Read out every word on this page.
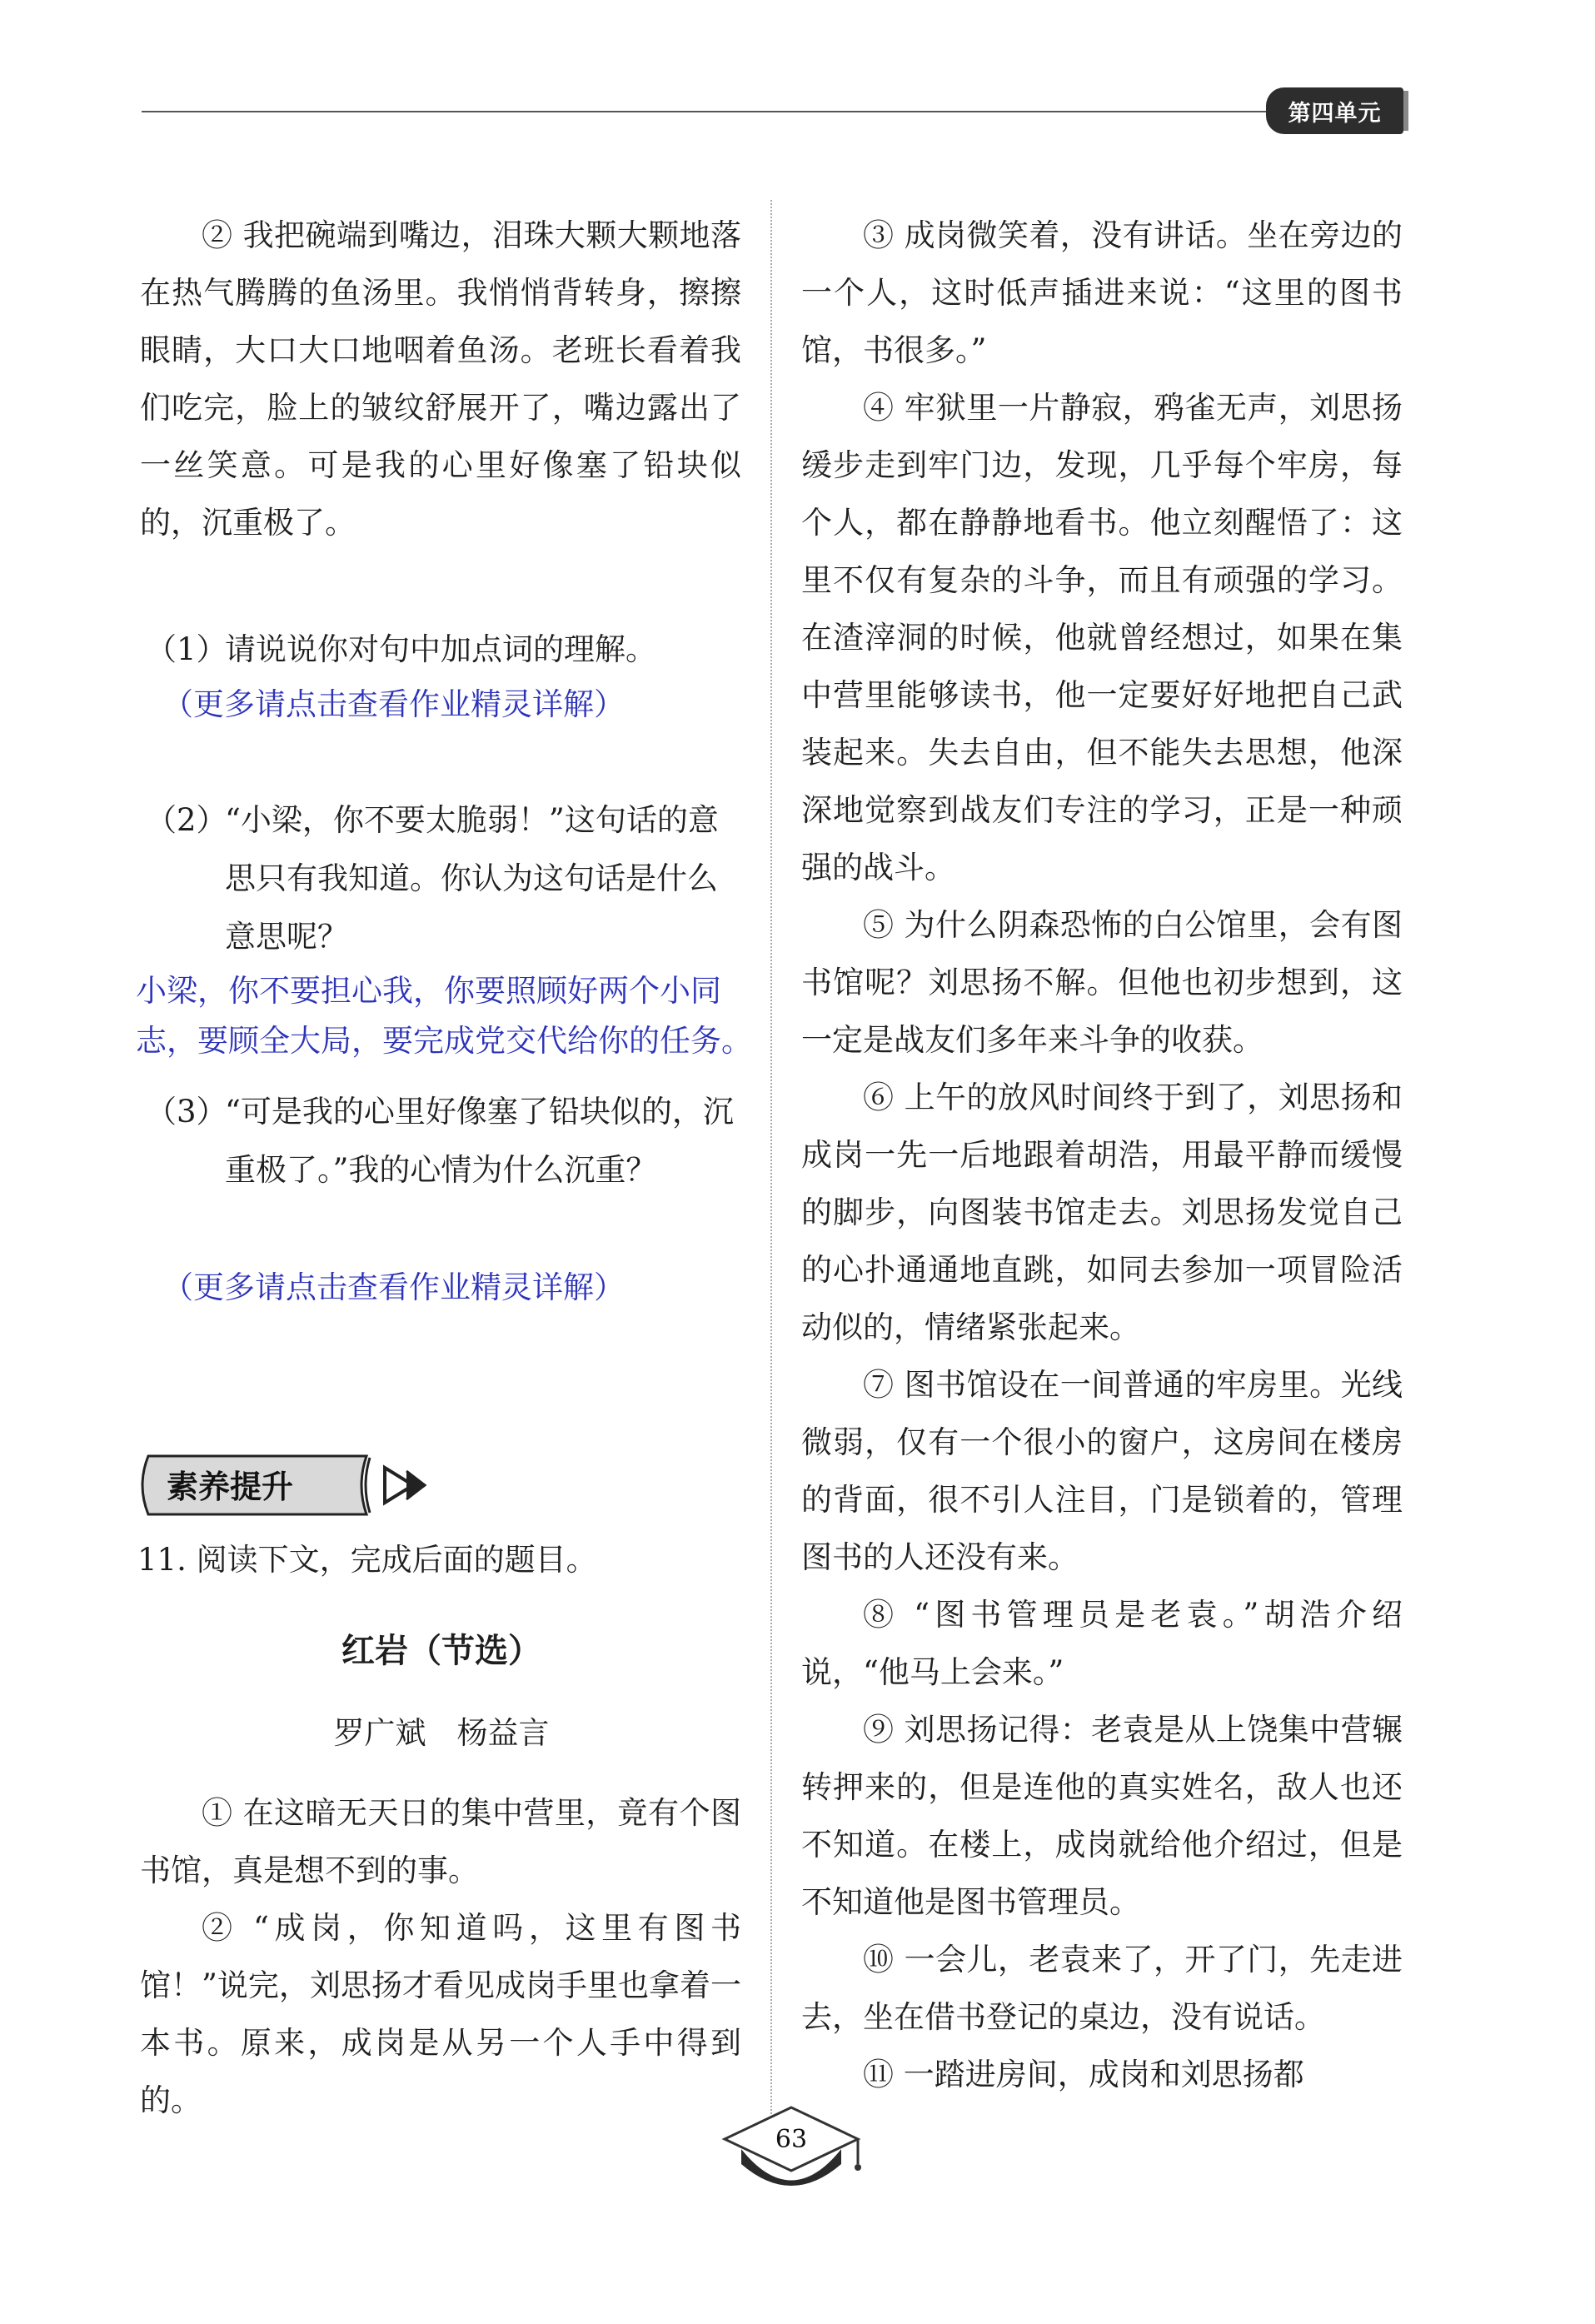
第四单元

② 我把碗端到嘴边，泪珠大颗大颗地落在热气腾腾的鱼汤里。我悄悄背转身，擦擦眼睛，大口大口地咽着鱼汤。老班长看着我们吃完，脸上的皱纹舒展开了，嘴边露出了一丝笑意。可是我的心里好像塞了铅块似的，沉重极了。

（1）
请说说你对句中加点词的理解。
（更多请点击查看作业精灵详解）
（2）
“小梁，你不要太脆弱！”这句话的意思只有我知道。你认为这句话是什么意思呢？
小梁，你不要担心我，你要照顾好两个小同志，要顾全大局，要完成党交代给你的任务。
（3）
“可是我的心里好像塞了铅块似的，沉重极了。”我的心情为什么沉重？
（更多请点击查看作业精灵详解）
素养提升
11. 阅读下文，完成后面的题目。
红岩（节选）
罗广斌　杨益言

① 在这暗无天日的集中营里，竟有个图书馆，真是想不到的事。

② “成岗，你知道吗，这里有图书馆！”说完，刘思扬才看见成岗手里也拿着一本书。原来，成岗是从另一个人手中得到的。

③ 成岗微笑着，没有讲话。坐在旁边的一个人，这时低声插进来说：“这里的图书馆，书很多。”

④ 牢狱里一片静寂，鸦雀无声，刘思扬缓步走到牢门边，发现，几乎每个牢房，每个人，都在静静地看书。他立刻醒悟了：这里不仅有复杂的斗争，而且有顽强的学习。在渣滓洞的时候，他就曾经想过，如果在集中营里能够读书，他一定要好好地把自己武装起来。失去自由，但不能失去思想，他深深地觉察到战友们专注的学习，正是一种顽强的战斗。

⑤ 为什么阴森恐怖的白公馆里，会有图书馆呢？刘思扬不解。但他也初步想到，这一定是战友们多年来斗争的收获。

⑥ 上午的放风时间终于到了，刘思扬和成岗一先一后地跟着胡浩，用最平静而缓慢的脚步，向图装书馆走去。刘思扬发觉自己的心扑通通地直跳，如同去参加一项冒险活动似的，情绪紧张起来。

⑦ 图书馆设在一间普通的牢房里。光线微弱，仅有一个很小的窗户，这房间在楼房的背面，很不引人注目，门是锁着的，管理图书的人还没有来。

⑧ “图书管理员是老袁。”胡浩介绍说，“他马上会来。”

⑨ 刘思扬记得：老袁是从上饶集中营辗转押来的，但是连他的真实姓名，敌人也还不知道。在楼上，成岗就给他介绍过，但是不知道他是图书管理员。

⑩ 一会儿，老袁来了，开了门，先走进去，坐在借书登记的桌边，没有说话。

⑪ 一踏进房间，成岗和刘思扬都

63
